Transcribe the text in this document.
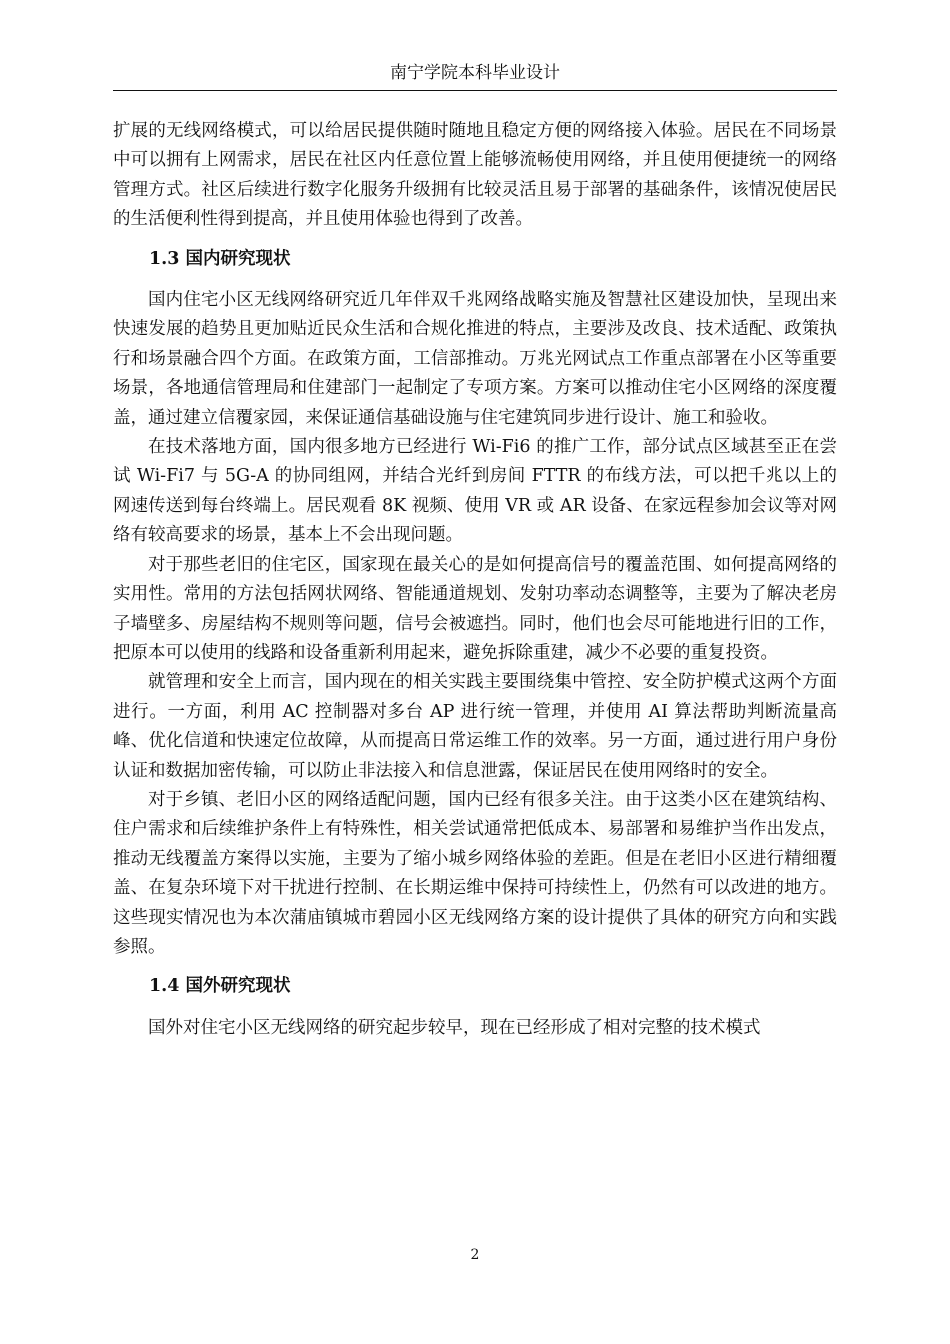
南宁学院本科毕业设计

扩展的无线网络模式，可以给居民提供随时随地且稳定方便的网络接入体验。居民在不同场景中可以拥有上网需求，居民在社区内任意位置上能够流畅使用网络，并且使用便捷统一的网络管理方式。社区后续进行数字化服务升级拥有比较灵活且易于部署的基础条件，该情况使居民的生活便利性得到提高，并且使用体验也得到了改善。

1.3 国内研究现状

国内住宅小区无线网络研究近几年伴双千兆网络战略实施及智慧社区建设加快，呈现出来快速发展的趋势且更加贴近民众生活和合规化推进的特点，主要涉及改良、技术适配、政策执行和场景融合四个方面。在政策方面，工信部推动。万兆光网试点工作重点部署在小区等重要场景，各地通信管理局和住建部门一起制定了专项方案。方案可以推动住宅小区网络的深度覆盖，通过建立信覆家园，来保证通信基础设施与住宅建筑同步进行设计、施工和验收。

在技术落地方面，国内很多地方已经进行 Wi-Fi6 的推广工作，部分试点区域甚至正在尝试 Wi-Fi7 与 5G-A 的协同组网，并结合光纤到房间 FTTR 的布线方法，可以把千兆以上的网速传送到每台终端上。居民观看 8K 视频、使用 VR 或 AR 设备、在家远程参加会议等对网络有较高要求的场景，基本上不会出现问题。

对于那些老旧的住宅区，国家现在最关心的是如何提高信号的覆盖范围、如何提高网络的实用性。常用的方法包括网状网络、智能通道规划、发射功率动态调整等，主要为了解决老房子墙壁多、房屋结构不规则等问题，信号会被遮挡。同时，他们也会尽可能地进行旧的工作，把原本可以使用的线路和设备重新利用起来，避免拆除重建，减少不必要的重复投资。

就管理和安全上而言，国内现在的相关实践主要围绕集中管控、安全防护模式这两个方面进行。一方面，利用 AC 控制器对多台 AP 进行统一管理，并使用 AI 算法帮助判断流量高峰、优化信道和快速定位故障，从而提高日常运维工作的效率。另一方面，通过进行用户身份认证和数据加密传输，可以防止非法接入和信息泄露，保证居民在使用网络时的安全。

对于乡镇、老旧小区的网络适配问题，国内已经有很多关注。由于这类小区在建筑结构、住户需求和后续维护条件上有特殊性，相关尝试通常把低成本、易部署和易维护当作出发点，推动无线覆盖方案得以实施，主要为了缩小城乡网络体验的差距。但是在老旧小区进行精细覆盖、在复杂环境下对干扰进行控制、在长期运维中保持可持续性上，仍然有可以改进的地方。这些现实情况也为本次蒲庙镇城市碧园小区无线网络方案的设计提供了具体的研究方向和实践参照。

1.4 国外研究现状

国外对住宅小区无线网络的研究起步较早，现在已经形成了相对完整的技术模式

2
